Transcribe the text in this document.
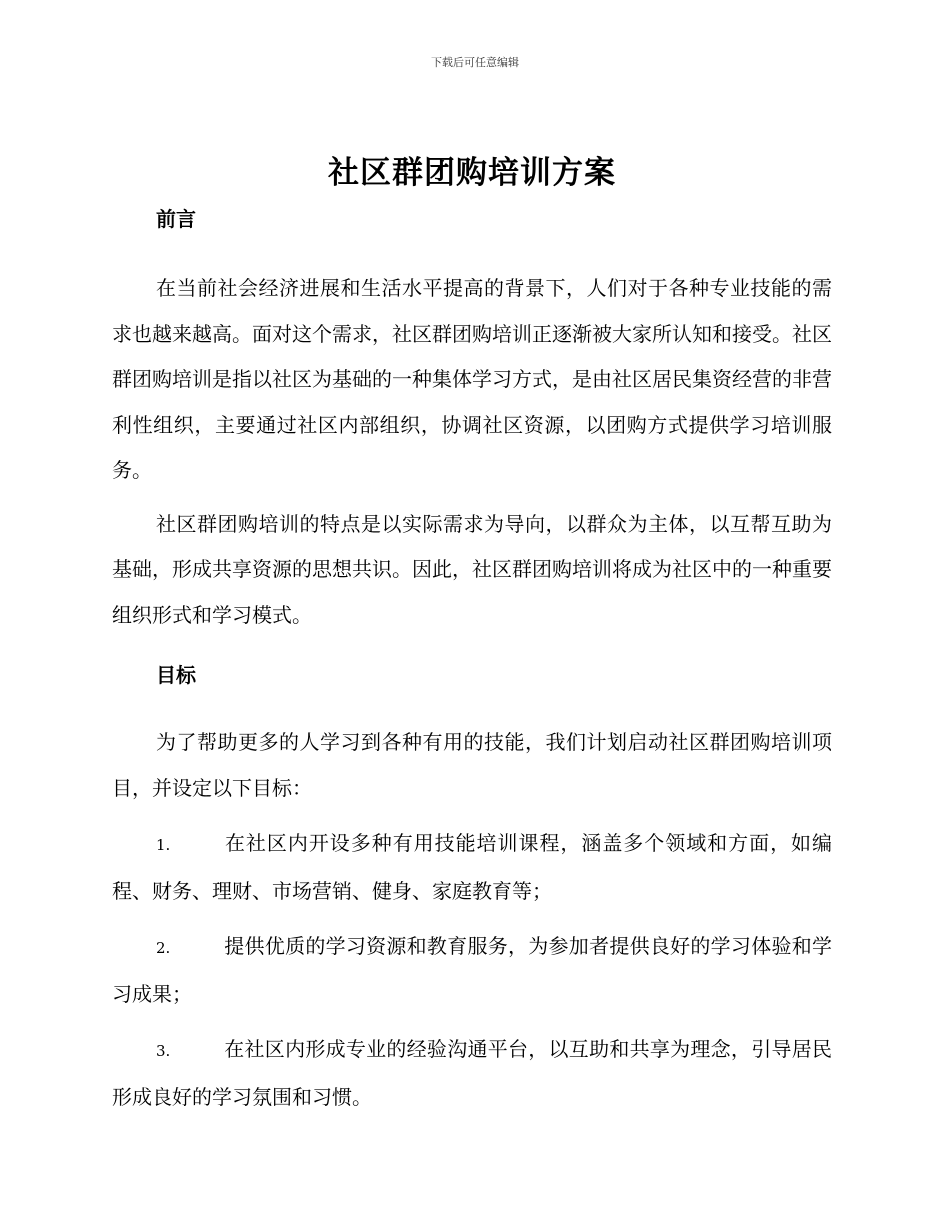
下载后可任意编辑
社区群团购培训方案
前言

在当前社会经济进展和生活水平提高的背景下，人们对于各种专业技能的需求也越来越高。面对这个需求，社区群团购培训正逐渐被大家所认知和接受。社区群团购培训是指以社区为基础的一种集体学习方式，是由社区居民集资经营的非营利性组织，主要通过社区内部组织，协调社区资源，以团购方式提供学习培训服务。

社区群团购培训的特点是以实际需求为导向，以群众为主体，以互帮互助为基础，形成共享资源的思想共识。因此，社区群团购培训将成为社区中的一种重要组织形式和学习模式。

目标

为了帮助更多的人学习到各种有用的技能，我们计划启动社区群团购培训项目，并设定以下目标：

1.	在社区内开设多种有用技能培训课程，涵盖多个领域和方面，如编程、财务、理财、市场营销、健身、家庭教育等；

2.	提供优质的学习资源和教育服务，为参加者提供良好的学习体验和学习成果；

3.	在社区内形成专业的经验沟通平台，以互助和共享为理念，引导居民形成良好的学习氛围和习惯。
